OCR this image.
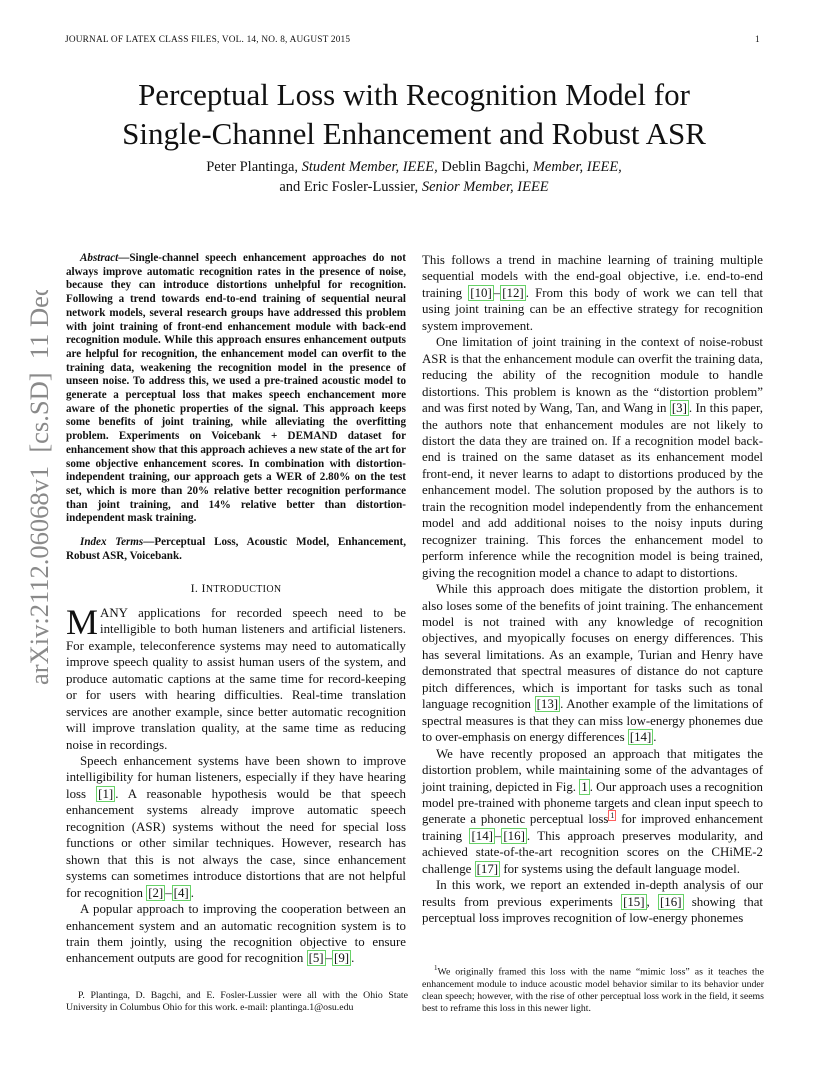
JOURNAL OF LATEX CLASS FILES, VOL. 14, NO. 8, AUGUST 2015	1
arXiv:2112.06068v1  [cs.SD]  11 Dec 2021
Perceptual Loss with Recognition Model for
Single-Channel Enhancement and Robust ASR
Peter Plantinga, Student Member, IEEE, Deblin Bagchi, Member, IEEE,
and Eric Fosler-Lussier, Senior Member, IEEE

Abstract—Single-channel speech enhancement approaches do not always improve automatic recognition rates in the presence of noise, because they can introduce distortions unhelpful for recognition. Following a trend towards end-to-end training of sequential neural network models, several research groups have addressed this problem with joint training of front-end enhancement module with back-end recognition module. While this approach ensures enhancement outputs are helpful for recognition, the enhancement model can overfit to the training data, weakening the recognition model in the presence of unseen noise. To address this, we used a pre-trained acoustic model to generate a perceptual loss that makes speech enchancement more aware of the phonetic properties of the signal. This approach keeps some benefits of joint training, while alleviating the overfitting problem. Experiments on Voicebank + DEMAND dataset for enhancement show that this approach achieves a new state of the art for some objective enhancement scores. In combination with distortion-independent training, our approach gets a WER of 2.80% on the test set, which is more than 20% relative better recognition performance than joint training, and 14% relative better than distortion-independent mask training.

Index Terms—Perceptual Loss, Acoustic Model, Enhancement, Robust ASR, Voicebank.

I. INTRODUCTION

MANY applications for recorded speech need to be intelligible to both human listeners and artificial listeners. For example, teleconference systems may need to automatically improve speech quality to assist human users of the system, and produce automatic captions at the same time for record-keeping or for users with hearing difficulties. Real-time translation services are another example, since better automatic recognition will improve translation quality, at the same time as reducing noise in recordings.

Speech enhancement systems have been shown to improve intelligibility for human listeners, especially if they have hearing loss [1] . A reasonable hypothesis would be that speech enhancement systems already improve automatic speech recognition (ASR) systems without the need for special loss functions or other similar techniques. However, research has shown that this is not always the case, since enhancement systems can sometimes introduce distortions that are not helpful for recognition [2] – [4] .

A popular approach to improving the cooperation between an enhancement system and an automatic recognition system is to train them jointly, using the recognition objective to ensure enhancement outputs are good for recognition [5] – [9] .

P. Plantinga, D. Bagchi, and E. Fosler-Lussier were all with the Ohio State University in Columbus Ohio for this work. e-mail: plantinga.1@osu.edu

This follows a trend in machine learning of training multiple sequential models with the end-goal objective, i.e. end-to-end training [10] – [12] . From this body of work we can tell that using joint training can be an effective strategy for recognition system improvement.

One limitation of joint training in the context of noise-robust ASR is that the enhancement module can overfit the training data, reducing the ability of the recognition module to handle distortions. This problem is known as the “distortion problem” and was first noted by Wang, Tan, and Wang in [3] . In this paper, the authors note that enhancement modules are not likely to distort the data they are trained on. If a recognition model back-end is trained on the same dataset as its enhancement model front-end, it never learns to adapt to distortions produced by the enhancement model. The solution proposed by the authors is to train the recognition model independently from the enhancement model and add additional noises to the noisy inputs during recognizer training. This forces the enhancement model to perform inference while the recognition model is being trained, giving the recognition model a chance to adapt to distortions.

While this approach does mitigate the distortion problem, it also loses some of the benefits of joint training. The enhancement model is not trained with any knowledge of recognition objectives, and myopically focuses on energy differences. This has several limitations. As an example, Turian and Henry have demonstrated that spectral measures of distance do not capture pitch differences, which is important for tasks such as tonal language recognition [13] . Another example of the limitations of spectral measures is that they can miss low-energy phonemes due to over-emphasis on energy differences [14] .

We have recently proposed an approach that mitigates the distortion problem, while maintaining some of the advantages of joint training, depicted in Fig. 1 . Our approach uses a recognition model pre-trained with phoneme targets and clean input speech to generate a phonetic perceptual loss $^1$ for improved enhancement training [14] – [16] . This approach preserves modularity, and achieved state-of-the-art recognition scores on the CHiME-2 challenge [17] for systems using the default language model.

In this work, we report an extended in-depth analysis of our results from previous experiments [15] , [16] showing that perceptual loss improves recognition of low-energy phonemes

$^1$We originally framed this loss with the name “mimic loss” as it teaches the enhancement module to induce acoustic model behavior similar to its behavior under clean speech; however, with the rise of other perceptual loss work in the field, it seems best to reframe this loss in this newer light.
